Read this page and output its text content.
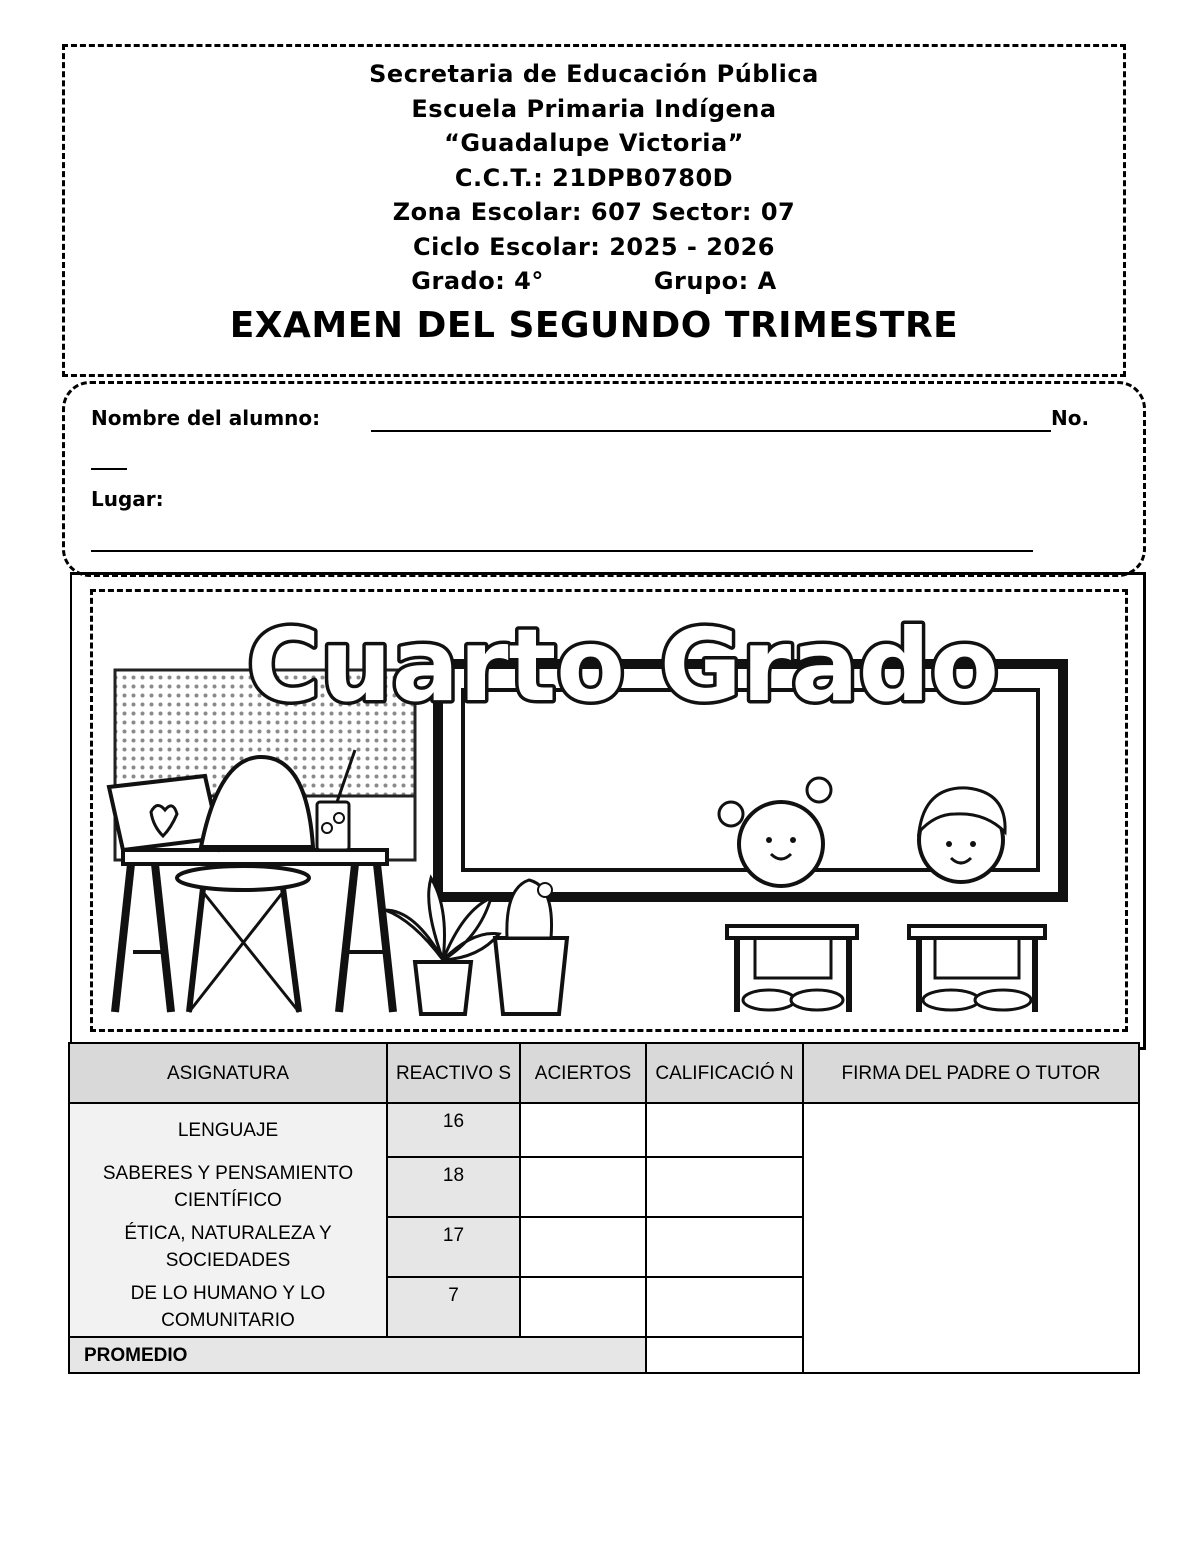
Secretaria de Educación Pública
Escuela Primaria Indígena
“Guadalupe Victoria”
C.C.T.: 21DPB0780D
Zona Escolar: 607 Sector: 07
Ciclo Escolar: 2025 - 2026
Grado: 4°	Grupo: A
EXAMEN DEL SEGUNDO TRIMESTRE
Nombre del alumno:	No.
Lugar:
Cuarto Grado
ASIGNATURA	REACTIVO S	ACIERTOS	CALIFICACIÓ N	FIRMA DEL PADRE O TUTOR
LENGUAJE	16			
SABERES Y PENSAMIENTO CIENTÍFICO	18			
ÉTICA, NATURALEZA Y SOCIEDADES	17			
DE LO HUMANO Y LO COMUNITARIO	7			
PROMEDIO				
